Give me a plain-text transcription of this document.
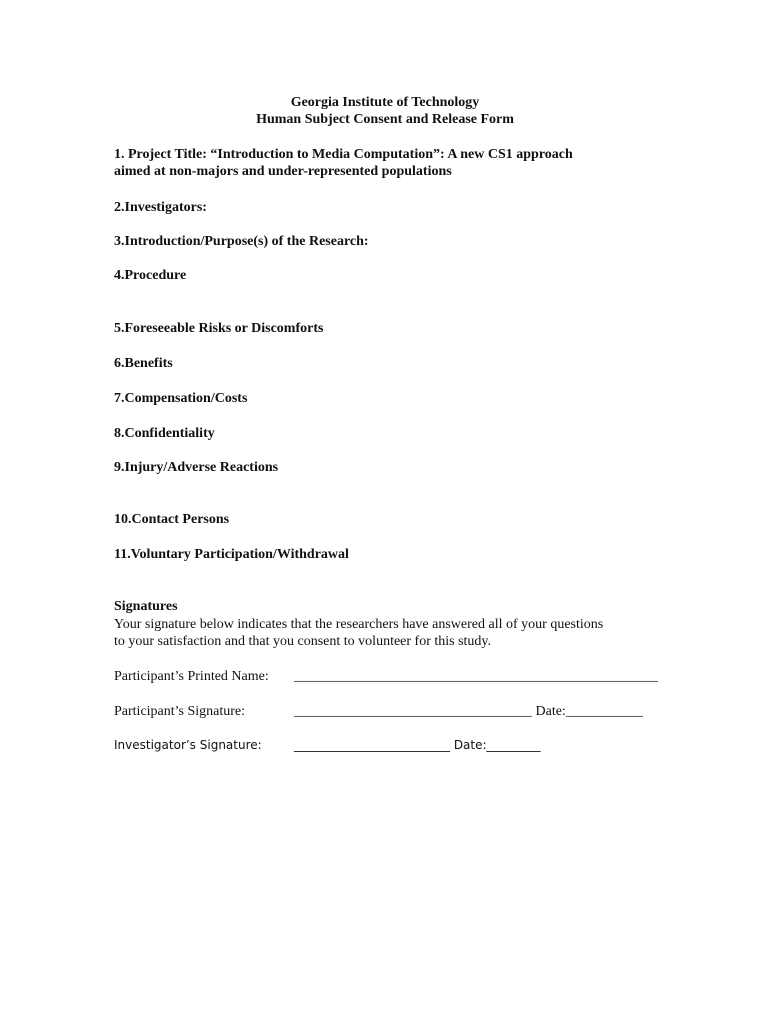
Georgia Institute of Technology
Human Subject Consent and Release Form
1. Project Title: “Introduction to Media Computation”: A new CS1 approach
aimed at non-majors and under-represented populations
2.Investigators:
3.Introduction/Purpose(s) of the Research:
4.Procedure
5.Foreseeable Risks or Discomforts
6.Benefits
7.Compensation/Costs
8.Confidentiality
9.Injury/Adverse Reactions
10.Contact Persons
11.Voluntary Participation/Withdrawal
Signatures
Your signature below indicates that the researchers have answered all of your questions
to your satisfaction and that you consent to volunteer for this study.
Participant’s Printed Name: ____________________________________________________
Participant’s Signature:	__________________________________ Date:___________
Investigator’s Signature:	__________________________ Date:_________
